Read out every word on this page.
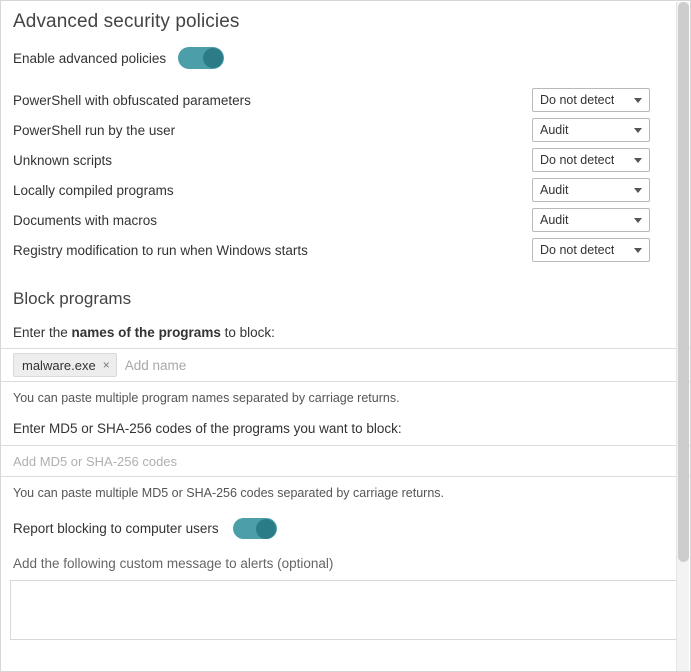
Advanced security policies
Enable advanced policies
PowerShell with obfuscated parameters	Do not detect
PowerShell run by the user	Audit
Unknown scripts	Do not detect
Locally compiled programs	Audit
Documents with macros	Audit
Registry modification to run when Windows starts	Do not detect
Block programs
Enter the names of the programs to block:
malware.exe × Add name
You can paste multiple program names separated by carriage returns.
Enter MD5 or SHA-256 codes of the programs you want to block:
Add MD5 or SHA-256 codes
You can paste multiple MD5 or SHA-256 codes separated by carriage returns.
Report blocking to computer users
Add the following custom message to alerts (optional)
